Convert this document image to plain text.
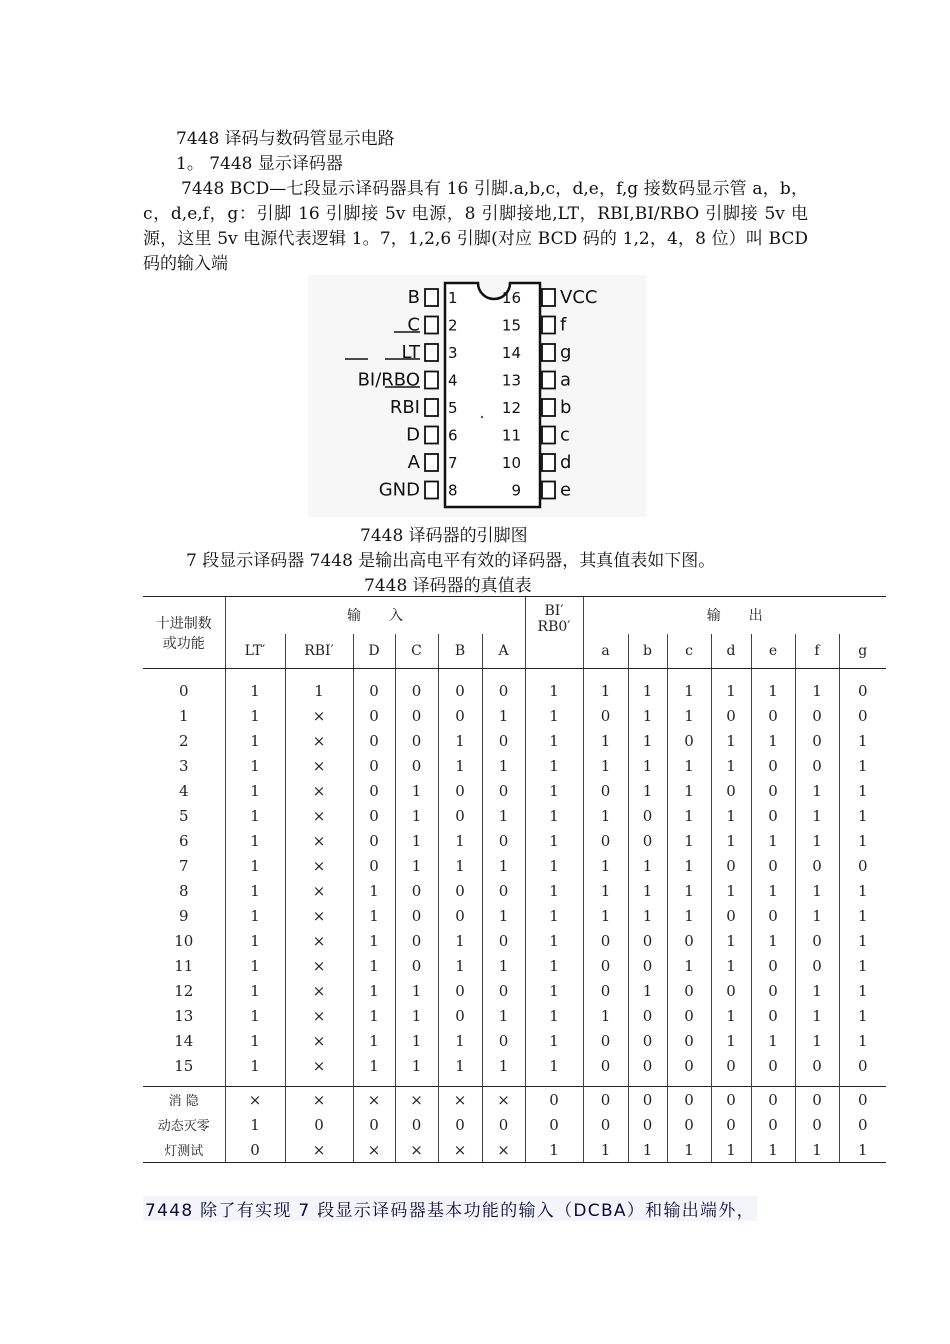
7448 译码与数码管显示电路
1。 7448 显示译码器
7448 BCD—七段显示译码器具有 16 引脚.a,b,c，d,e，f,g 接数码显示管 a，b，c，d,e,f，g：引脚 16 引脚接 5v 电源，8 引脚接地,LT，RBI,BI/RBO 引脚接 5v 电源，这里 5v 电源代表逻辑 1。7，1,2,6 引脚(对应 BCD 码的 1,2，4，8 位）叫 BCD 码的输入端
B 1	16 VCC
C 2	15 f
LT 3	14 g
BI/RBO 4	13 a
RBI 5	12 b
D 6	11 c
A 7	10 d
GND 8	9 e
7448 译码器的引脚图
7 段显示译码器 7448 是输出高电平有效的译码器，其真值表如下图。
7448 译码器的真值表
十进制数
或功能	输　　入						BI′
RB0′	输　　出						
	LT′	RBI′	D	C	B	A		a	b	c	d	e	f	g
0	1	1	0	0	0	0	1	1	1	1	1	1	1	0
1	1	×	0	0	0	1	1	0	1	1	0	0	0	0
2	1	×	0	0	1	0	1	1	1	0	1	1	0	1
3	1	×	0	0	1	1	1	1	1	1	1	0	0	1
4	1	×	0	1	0	0	1	0	1	1	0	0	1	1
5	1	×	0	1	0	1	1	1	0	1	1	0	1	1
6	1	×	0	1	1	0	1	0	0	1	1	1	1	1
7	1	×	0	1	1	1	1	1	1	1	0	0	0	0
8	1	×	1	0	0	0	1	1	1	1	1	1	1	1
9	1	×	1	0	0	1	1	1	1	1	0	0	1	1
10	1	×	1	0	1	0	1	0	0	0	1	1	0	1
11	1	×	1	0	1	1	1	0	0	1	1	0	0	1
12	1	×	1	1	0	0	1	0	1	0	0	0	1	1
13	1	×	1	1	0	1	1	1	0	0	1	0	1	1
14	1	×	1	1	1	0	1	0	0	0	1	1	1	1
15	1	×	1	1	1	1	1	0	0	0	0	0	0	0
消 隐	×	×	×	×	×	×	0	0	0	0	0	0	0	0
动态灭零	1	0	0	0	0	0	0	0	0	0	0	0	0	0
灯测试	0	×	×	×	×	×	1	1	1	1	1	1	1	1
7448 除了有实现 7 段显示译码器基本功能的输入（DCBA）和输出端外，
